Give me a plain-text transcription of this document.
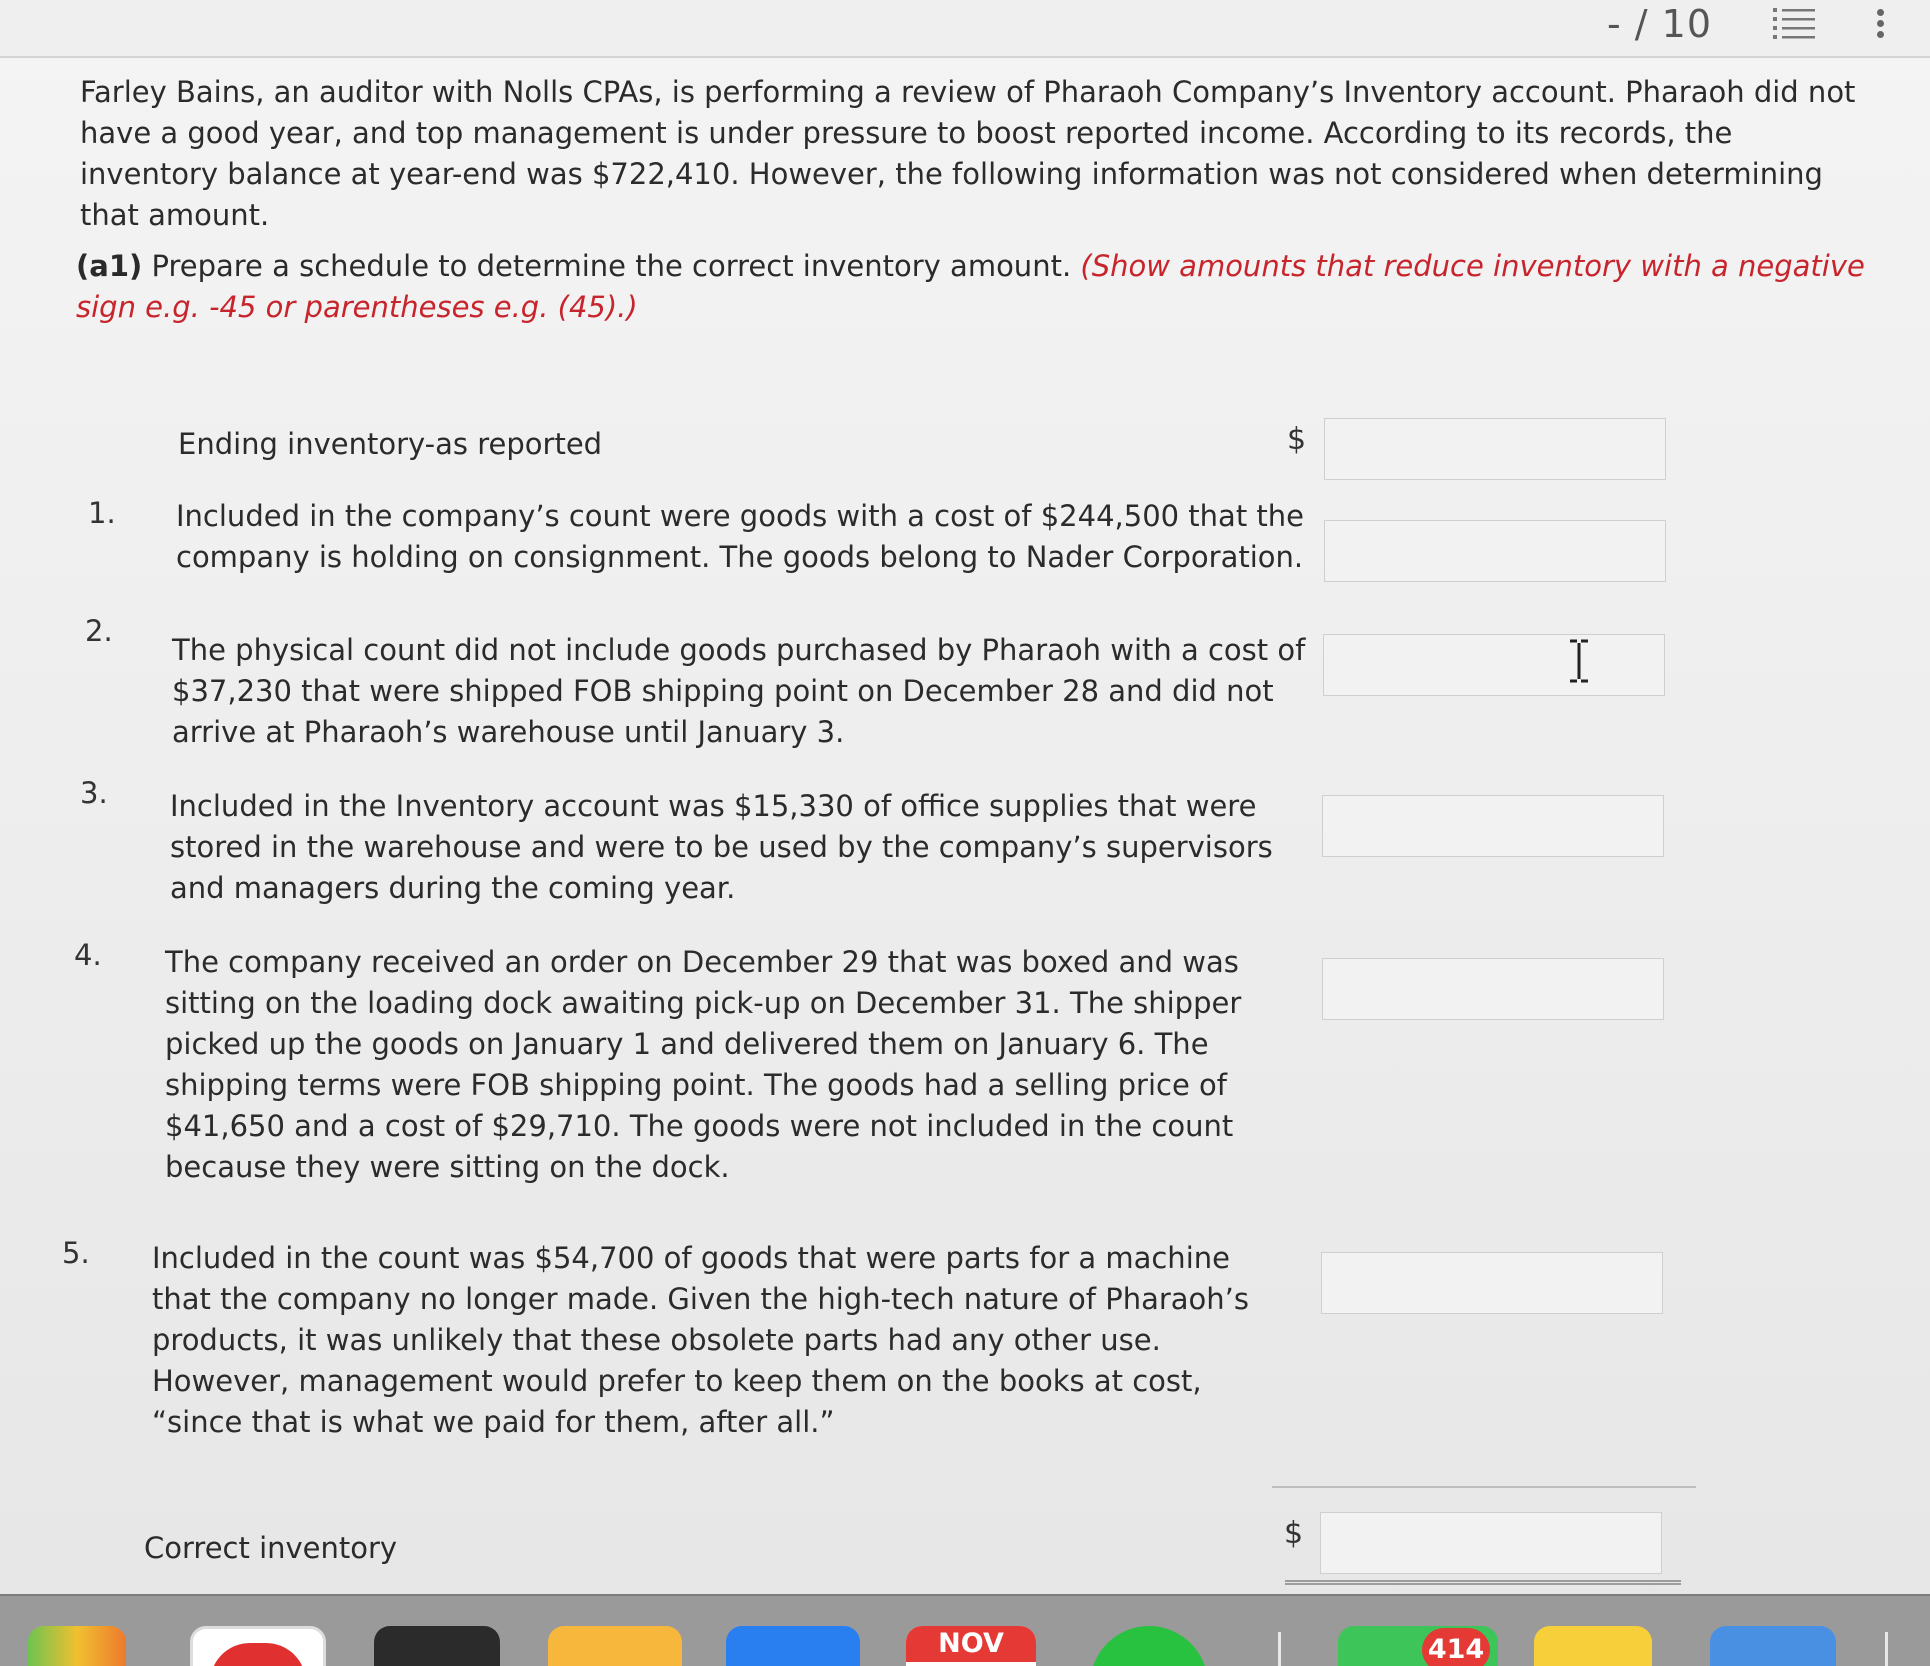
- / 10

Farley Bains, an auditor with Nolls CPAs, is performing a review of Pharaoh Company’s Inventory account. Pharaoh did not have a good year, and top management is under pressure to boost reported income. According to its records, the inventory balance at year-end was $722,410. However, the following information was not considered when determining that amount.

(a1) Prepare a schedule to determine the correct inventory amount. (Show amounts that reduce inventory with a negative sign e.g. -45 or parentheses e.g. (45).)

Ending inventory-as reported	$
1. Included in the company’s count were goods with a cost of $244,500 that the
company is holding on consignment. The goods belong to Nader Corporation.
2.
The physical count did not include goods purchased by Pharaoh with a cost of
$37,230 that were shipped FOB shipping point on December 28 and did not
arrive at Pharaoh’s warehouse until January 3.
3. Included in the Inventory account was $15,330 of office supplies that were
stored in the warehouse and were to be used by the company’s supervisors
and managers during the coming year.
4. The company received an order on December 29 that was boxed and was
sitting on the loading dock awaiting pick-up on December 31. The shipper
picked up the goods on January 1 and delivered them on January 6. The
shipping terms were FOB shipping point. The goods had a selling price of
$41,650 and a cost of $29,710. The goods were not included in the count
because they were sitting on the dock.
5. Included in the count was $54,700 of goods that were parts for a machine
that the company no longer made. Given the high-tech nature of Pharaoh’s
products, it was unlikely that these obsolete parts had any other use.
However, management would prefer to keep them on the books at cost,
“since that is what we paid for them, after all.”
Correct inventory	$
NOV	414
